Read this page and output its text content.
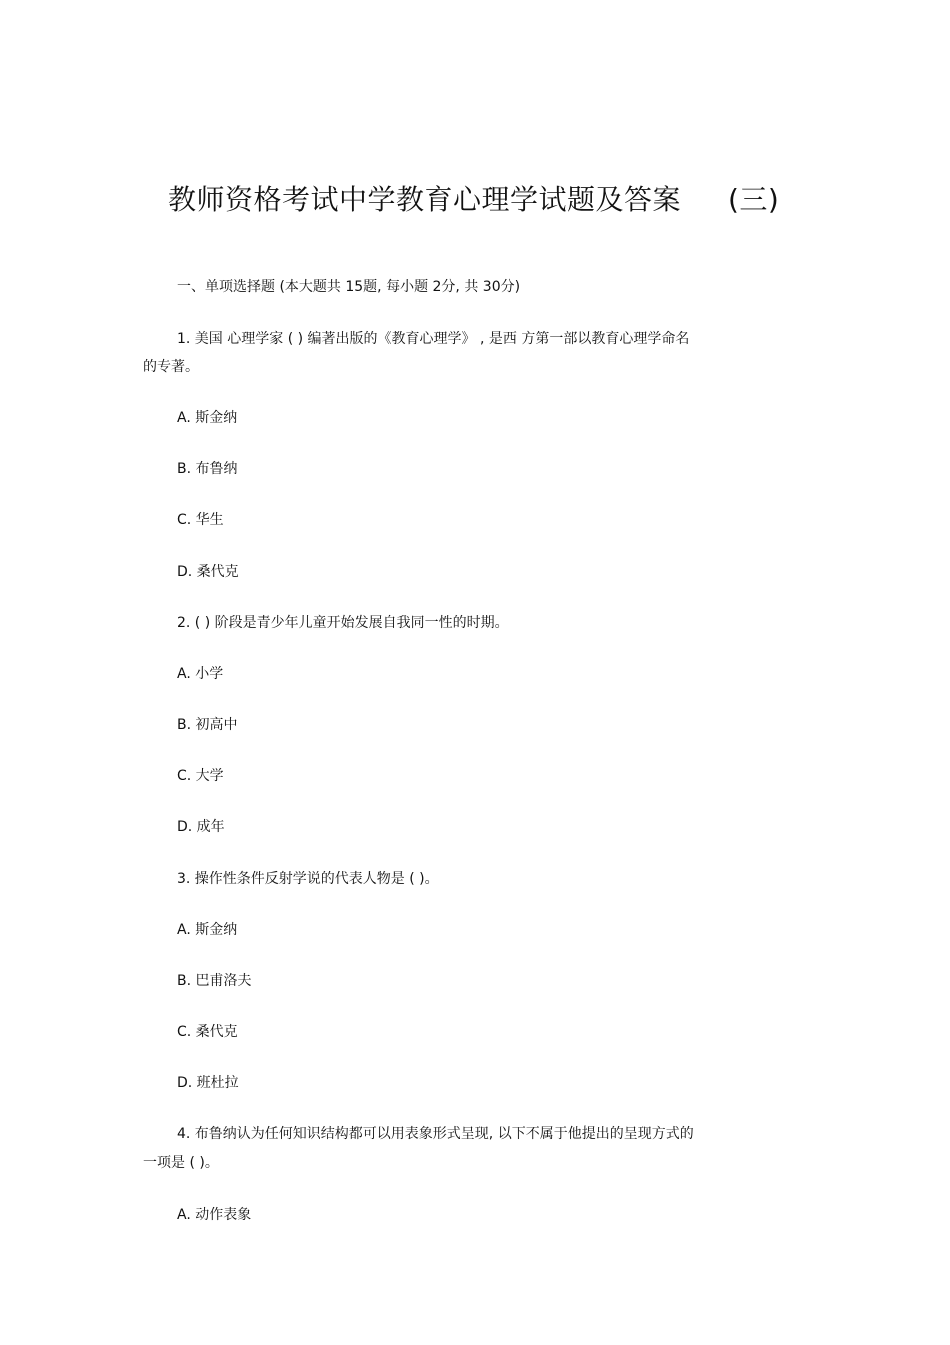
教师资格考试中学教育心理学试题及答案 (三)

一、单项选择题 (本大题共 15题, 每小题 2分, 共 30分)

1. 美国 心理学家 ( ) 编著出版的《教育心理学》 , 是西 方第一部以教育心理学命名

的专著。

A. 斯金纳

B. 布鲁纳

C. 华生

D. 桑代克

2. ( ) 阶段是青少年儿童开始发展自我同一性的时期。

A. 小学

B. 初高中

C. 大学

D. 成年

3. 操作性条件反射学说的代表人物是 ( )。

A. 斯金纳

B. 巴甫洛夫

C. 桑代克

D. 班杜拉

4. 布鲁纳认为任何知识结构都可以用表象形式呈现, 以下不属于他提出的呈现方式的

一项是 ( )。

A. 动作表象
